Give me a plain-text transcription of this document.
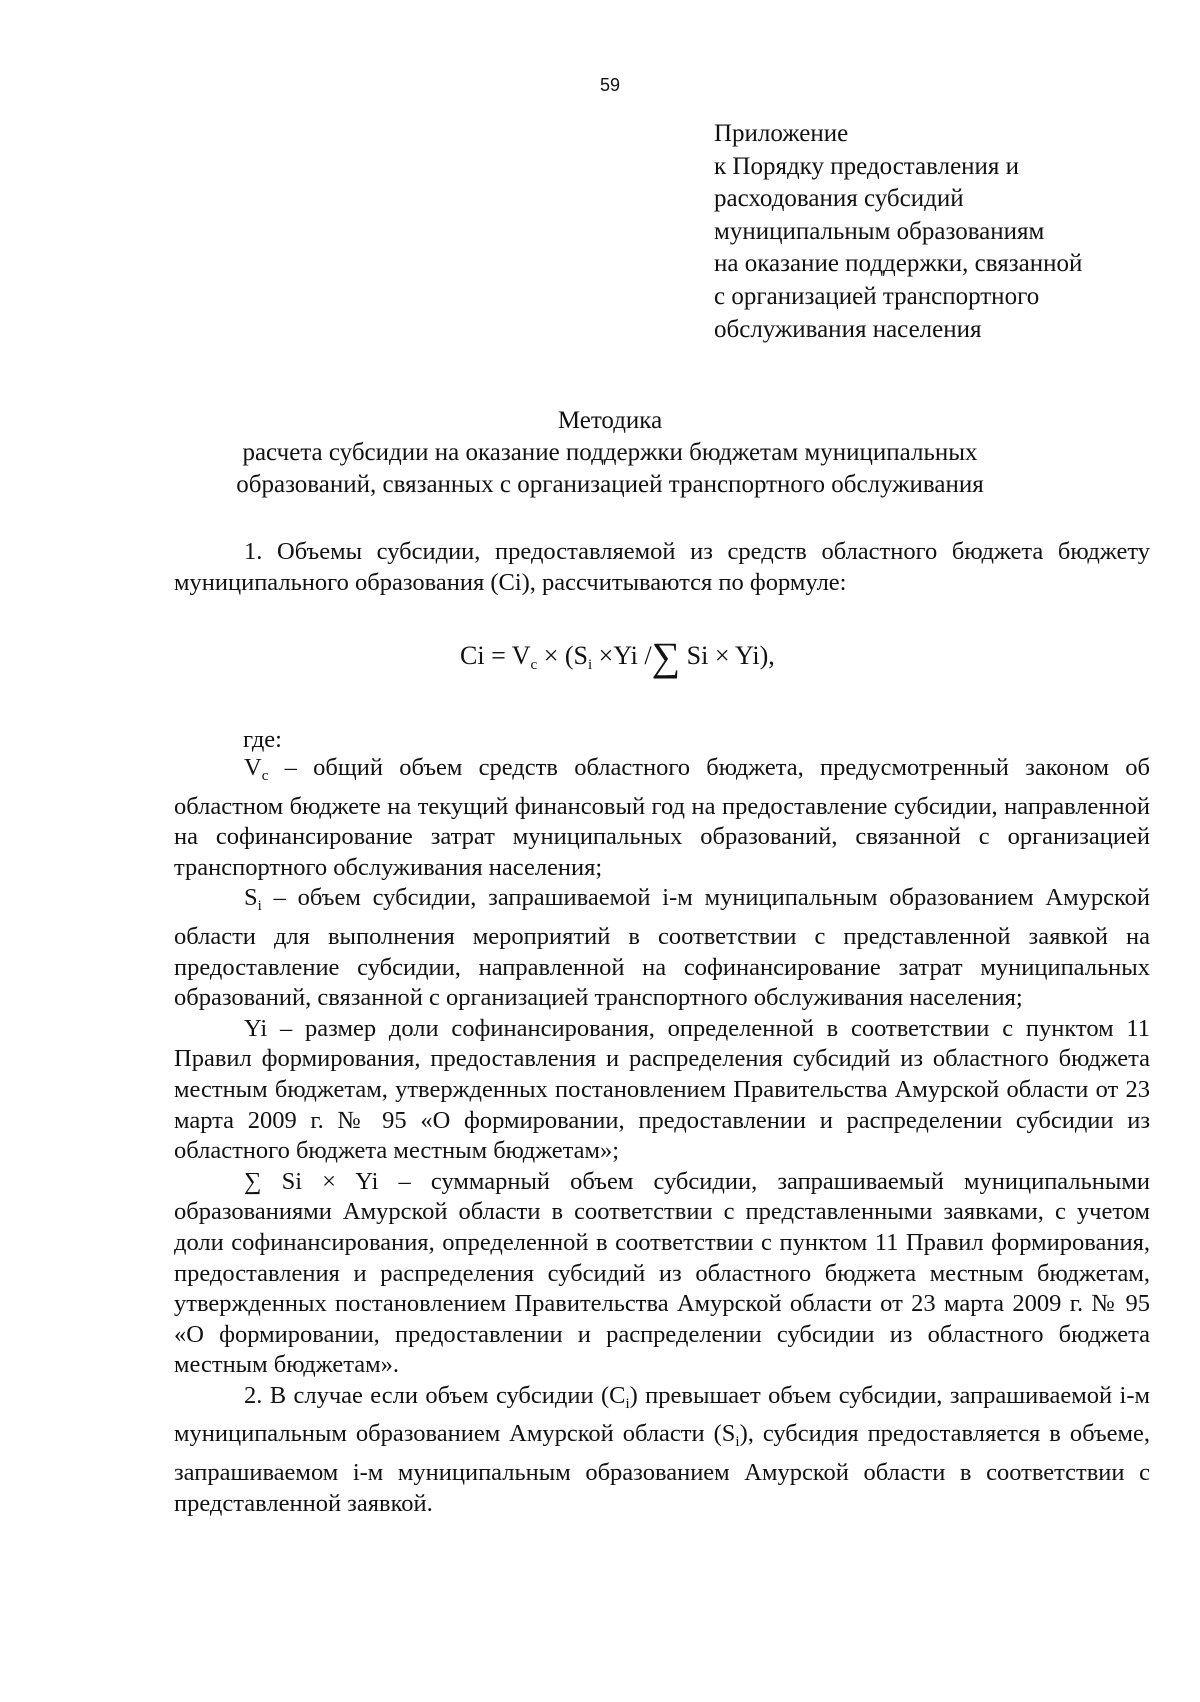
59
Приложение
к Порядку предоставления и
расходования субсидий
муниципальным образованиям
на оказание поддержки, связанной
с организацией транспортного
обслуживания населения
Методика
расчета субсидии на оказание поддержки бюджетам муниципальных
образований, связанных с организацией транспортного обслуживания

1. Объемы субсидии, предоставляемой из средств областного бюджета бюджету муниципального образования (Ci), рассчитываются по формуле:

$Ci = V_c \times (S_i \times Yi$ /∑ Si × Yi),
где:

$V_c$ – общий объем средств областного бюджета, предусмотренный законом об областном бюджете на текущий финансовый год на предоставление субсидии, направленной на софинансирование затрат муниципальных образований, связанной с организацией транспортного обслуживания населения;

$S_i$ – объем субсидии, запрашиваемой i-м муниципальным образованием Амурской области для выполнения мероприятий в соответствии с представленной заявкой на предоставление субсидии, направленной на софинансирование затрат муниципальных образований, связанной с организацией транспортного обслуживания населения;

Yi – размер доли софинансирования, определенной в соответствии с пунктом 11 Правил формирования, предоставления и распределения субсидий из областного бюджета местным бюджетам, утвержденных постановлением Правительства Амурской области от 23 марта 2009 г. № 95 «О формировании, предоставлении и распределении субсидии из областного бюджета местным бюджетам»;

∑ Si × Yi – суммарный объем субсидии, запрашиваемый муниципальными образованиями Амурской области в соответствии с представленными заявками, с учетом доли софинансирования, определенной в соответствии с пунктом 11 Правил формирования, предоставления и распределения субсидий из областного бюджета местным бюджетам, утвержденных постановлением Правительства Амурской области от 23 марта 2009 г. № 95 «О формировании, предоставлении и распределении субсидии из областного бюджета местным бюджетам».

2. В случае если объем субсидии $(C_i)$ превышает объем субсидии, запрашиваемой i-м муниципальным образованием Амурской области $(S_i)$, субсидия предоставляется в объеме, запрашиваемом i-м муниципальным образованием Амурской области в соответствии с представленной заявкой.
